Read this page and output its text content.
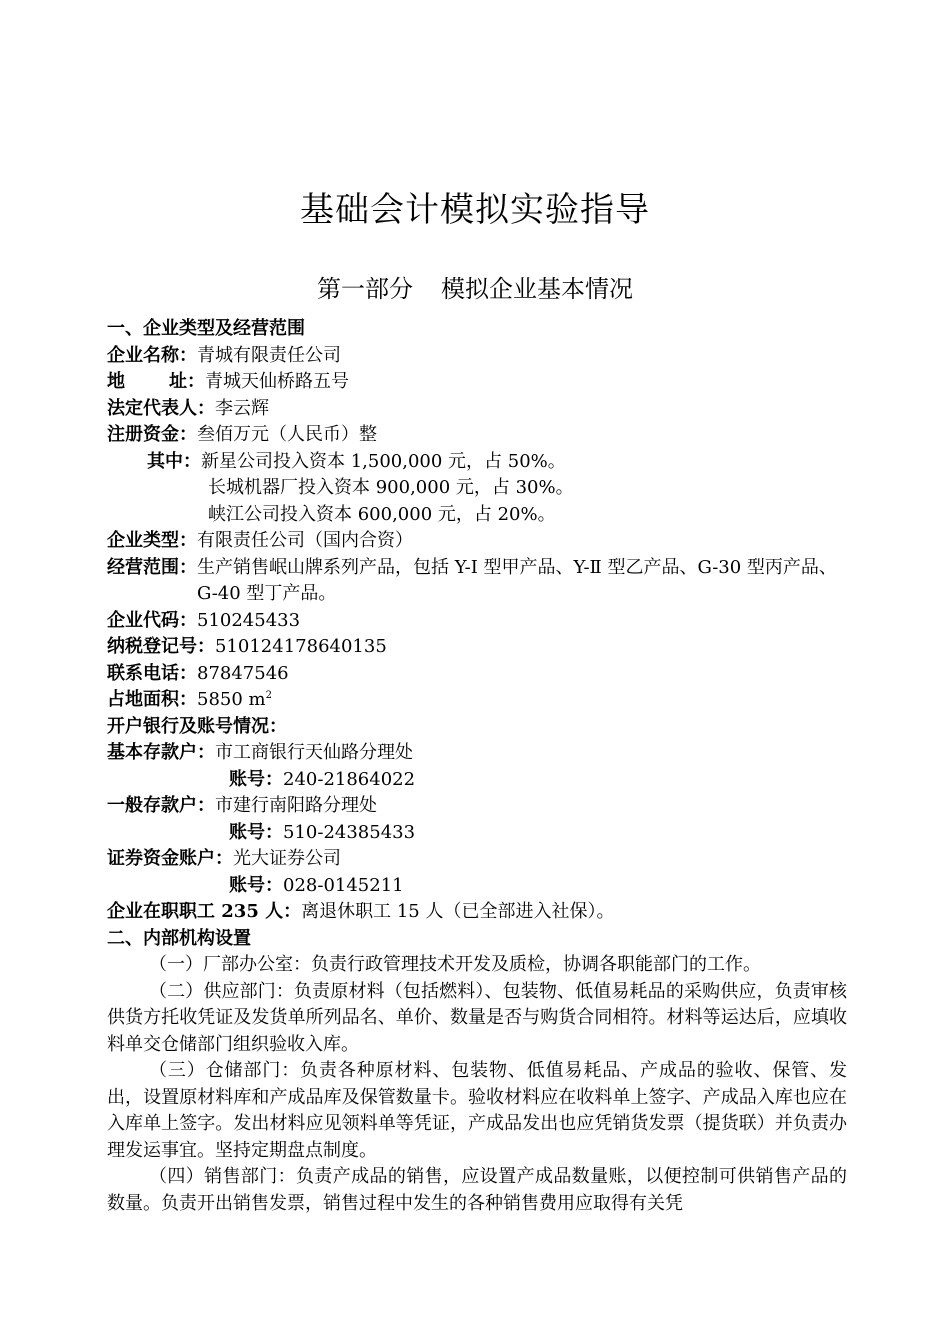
基础会计模拟实验指导
第一部分 模拟企业基本情况
一、企业类型及经营范围
企业名称：青城有限责任公司
地 址：青城天仙桥路五号
法定代表人：李云辉
注册资金：叁佰万元（人民币）整
其中：新星公司投入资本 1,500,000 元，占 50%。
长城机器厂投入资本 900,000 元，占 30%。
峡江公司投入资本 600,000 元，占 20%。
企业类型：有限责任公司（国内合资）
经营范围： 生产销售岷山牌系列产品，包括 Y-I 型甲产品、Y-Ⅱ 型乙产品、G-30 型丙产品、G-40 型丁产品。
企业代码：510245433
纳税登记号：510124178640135
联系电话：87847546
占地面积：5850 $m^2$
开户银行及账号情况：
基本存款户：市工商银行天仙路分理处
账号：240-21864022
一般存款户：市建行南阳路分理处
账号：510-24385433
证券资金账户：光大证券公司
账号：028-0145211
企业在职职工 235 人：离退休职工 15 人（已全部进入社保）。
二、内部机构设置
（一）厂部办公室：负责行政管理技术开发及质检，协调各职能部门的工作。
（二）供应部门：负责原材料（包括燃料）、包装物、低值易耗品的采购供应，负责审核供货方托收凭证及发货单所列品名、单价、数量是否与购货合同相符。材料等运达后，应填收料单交仓储部门组织验收入库。
（三）仓储部门：负责各种原材料、包装物、低值易耗品、产成品的验收、保管、发出，设置原材料库和产成品库及保管数量卡。验收材料应在收料单上签字、产成品入库也应在入库单上签字。发出材料应见领料单等凭证，产成品发出也应凭销货发票（提货联）并负责办理发运事宜。坚持定期盘点制度。
（四）销售部门：负责产成品的销售，应设置产成品数量账，以便控制可供销售产品的数量。负责开出销售发票，销售过程中发生的各种销售费用应取得有关凭
